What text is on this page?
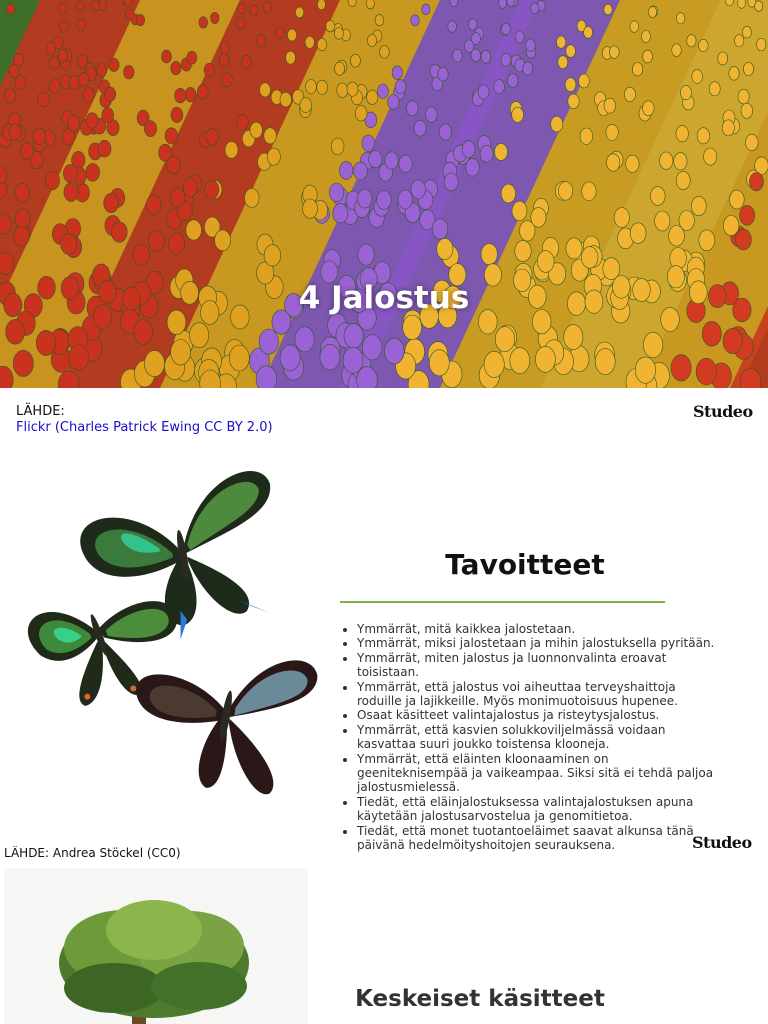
4 Jalostus
LÄHDE:
Flickr (Charles Patrick Ewing CC BY 2.0)
Studeo
Tavoitteet
• Ymmärrät, mitä kaikkea jalostetaan.
• Ymmärrät, miksi jalostetaan ja mihin jalostuksella pyritään.
• Ymmärrät, miten jalostus ja luonnonvalinta eroavat toisistaan.
• Ymmärrät, että jalostus voi aiheuttaa terveyshaittoja roduille ja lajikkeille. Myös monimuotoisuus hupenee.
• Osaat käsitteet valintajalostus ja risteytysjalostus.
• Ymmärrät, että kasvien solukkoviljelmässä voidaan kasvattaa suuri joukko toistensa klooneja.
• Ymmärrät, että eläinten kloonaaminen on geeniteknisempää ja vaikeampaa. Siksi sitä ei tehdä paljoa jalostusmielessä.
• Tiedät, että eläinjalostuksessa valintajalostuksen apuna käytetään jalostusarvostelua ja genomitietoa.
• Tiedät, että monet tuotantoeläimet saavat alkunsa tänä päivänä hedelmöityshoitojen seurauksena.
LÄHDE: Andrea Stöckel (CC0)
Studeo
Keskeiset käsitteet
